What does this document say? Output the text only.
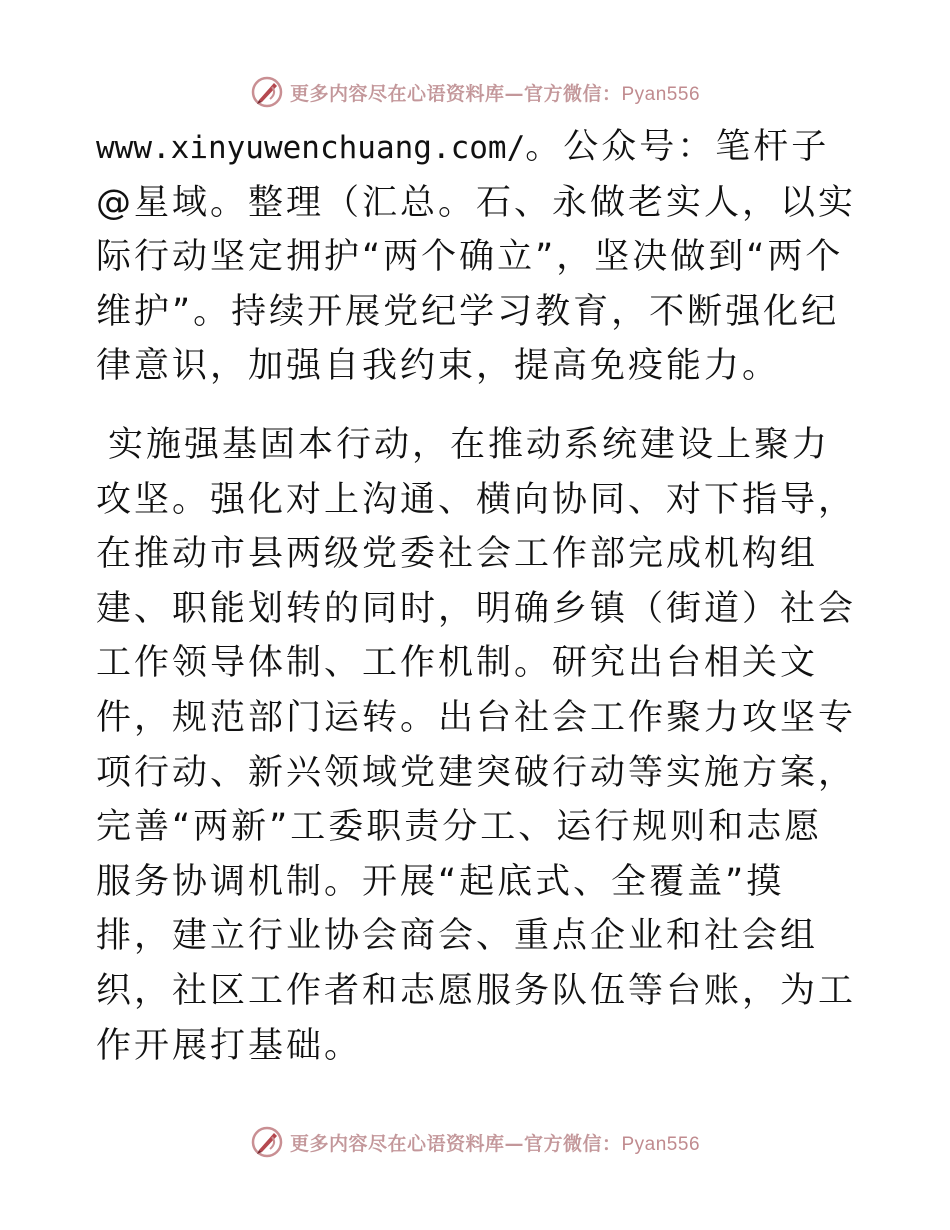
更多内容尽在心语资料库—官方微信：Pyan556

www.xinyuwenchuang.com/。公众号：笔杆子@星域。整理（汇总。石、永做老实人，以实际行动坚定拥护“两个确立”，坚决做到“两个维护”。持续开展党纪学习教育，不断强化纪律意识，加强自我约束，提高免疫能力。

实施强基固本行动，在推动系统建设上聚力攻坚。强化对上沟通、横向协同、对下指导，在推动市县两级党委社会工作部完成机构组建、职能划转的同时，明确乡镇（街道）社会工作领导体制、工作机制。研究出台相关文件，规范部门运转。出台社会工作聚力攻坚专项行动、新兴领域党建突破行动等实施方案，完善“两新”工委职责分工、运行规则和志愿服务协调机制。开展“起底式、全覆盖”摸排，建立行业协会商会、重点企业和社会组织，社区工作者和志愿服务队伍等台账，为工作开展打基础。

更多内容尽在心语资料库—官方微信：Pyan556
